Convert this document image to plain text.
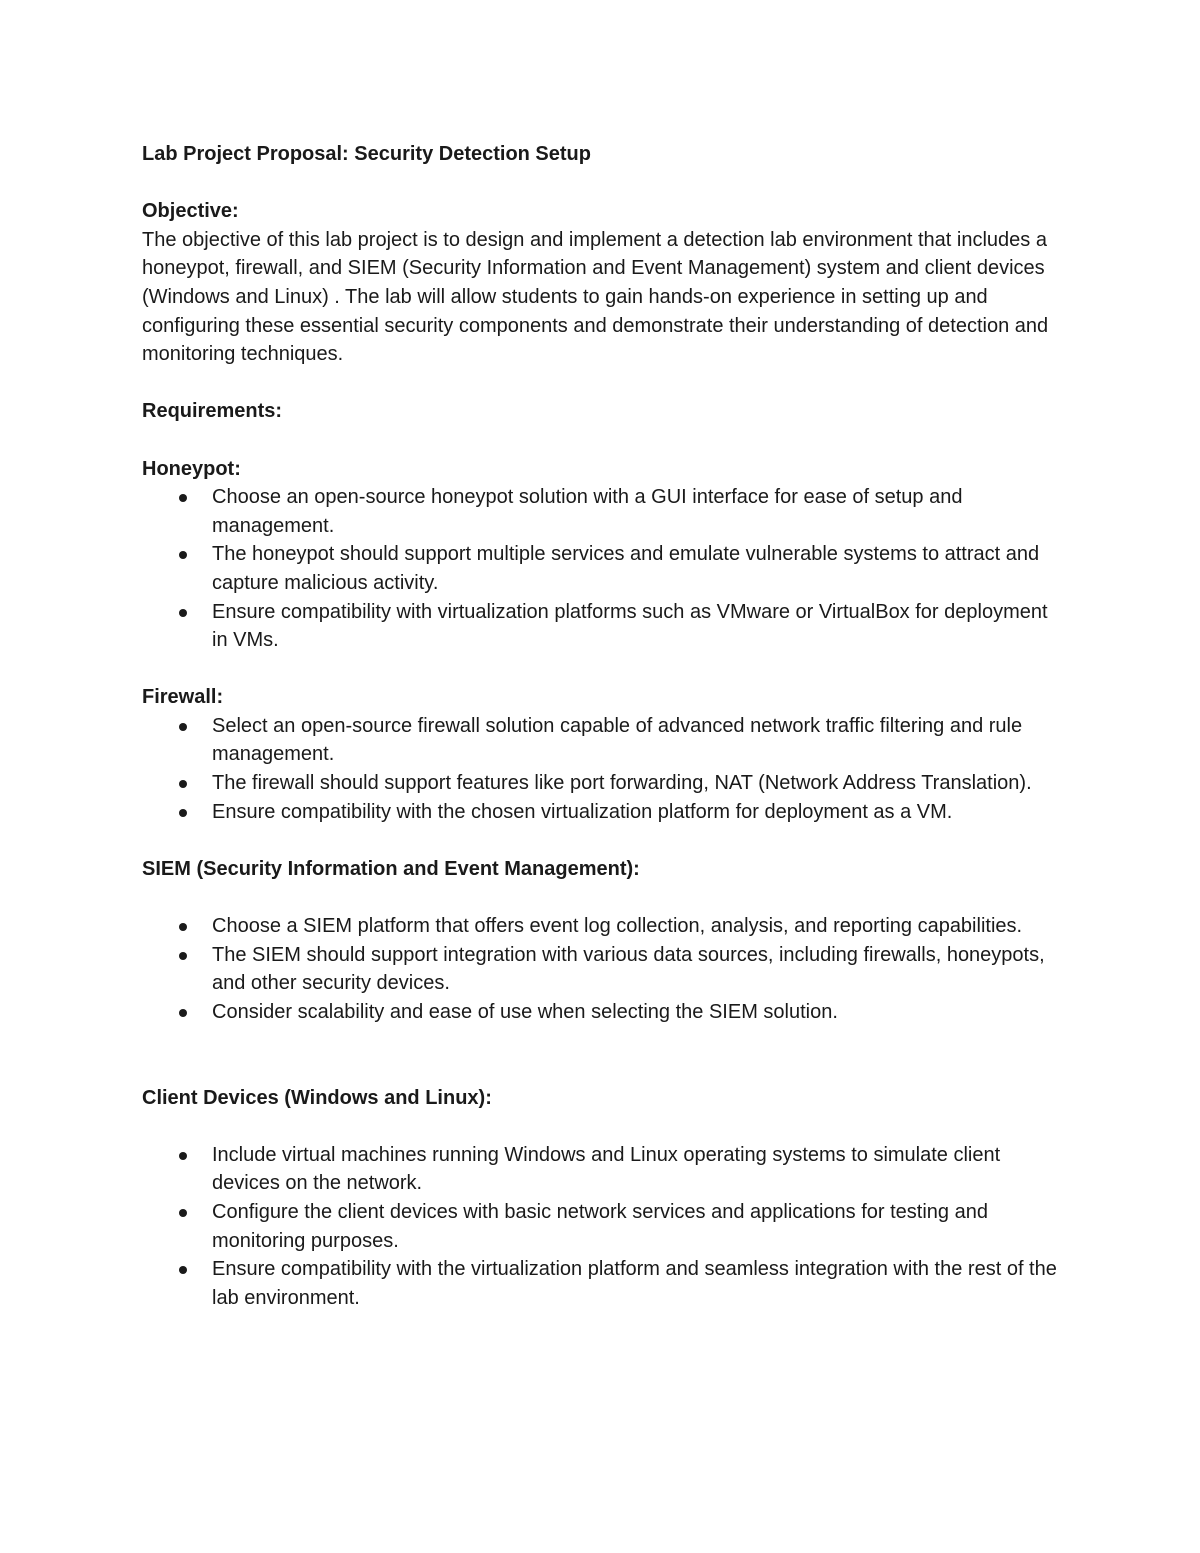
Lab Project Proposal: Security Detection Setup

Objective:

The objective of this lab project is to design and implement a detection lab environment that includes a honeypot, firewall, and SIEM (Security Information and Event Management) system and client devices (Windows and Linux) . The lab will allow students to gain hands-on experience in setting up and configuring these essential security components and demonstrate their understanding of detection and monitoring techniques.

Requirements:

Honeypot:

Choose an open-source honeypot solution with a GUI interface for ease of setup and management.
The honeypot should support multiple services and emulate vulnerable systems to attract and capture malicious activity.
Ensure compatibility with virtualization platforms such as VMware or VirtualBox for deployment in VMs.

Firewall:

Select an open-source firewall solution capable of advanced network traffic filtering and rule management.
The firewall should support features like port forwarding, NAT (Network Address Translation).
Ensure compatibility with the chosen virtualization platform for deployment as a VM.

SIEM (Security Information and Event Management):

Choose a SIEM platform that offers event log collection, analysis, and reporting capabilities.
The SIEM should support integration with various data sources, including firewalls, honeypots, and other security devices.
Consider scalability and ease of use when selecting the SIEM solution.

Client Devices (Windows and Linux):

Include virtual machines running Windows and Linux operating systems to simulate client devices on the network.
Configure the client devices with basic network services and applications for testing and monitoring purposes.
Ensure compatibility with the virtualization platform and seamless integration with the rest of the lab environment.
